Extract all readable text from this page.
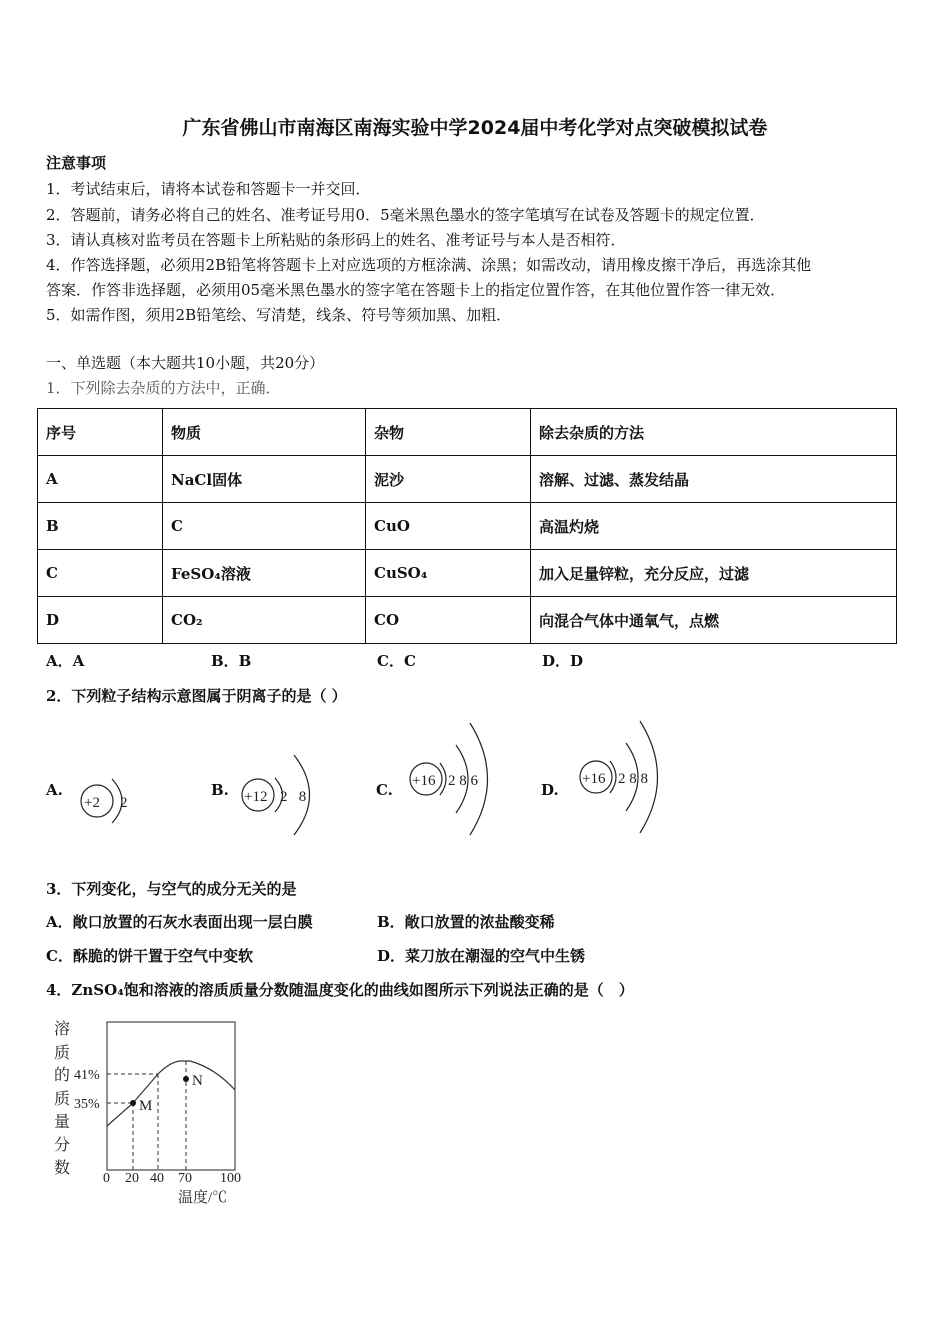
广东省佛山市南海区南海实验中学2024届中考化学对点突破模拟试卷
注意事项
1．考试结束后，请将本试卷和答题卡一并交回．
2．答题前，请务必将自己的姓名、准考证号用0．5毫米黑色墨水的签字笔填写在试卷及答题卡的规定位置．
3．请认真核对监考员在答题卡上所粘贴的条形码上的姓名、准考证号与本人是否相符．
4．作答选择题，必须用2B铅笔将答题卡上对应选项的方框涂满、涂黑；如需改动，请用橡皮擦干净后，再选涂其他
答案．作答非选择题，必须用05毫米黑色墨水的签字笔在答题卡上的指定位置作答，在其他位置作答一律无效．
5．如需作图，须用2B铅笔绘、写清楚，线条、符号等须加黑、加粗．
一、单选题（本大题共10小题，共20分）
1．下列除去杂质的方法中，正确．
序号	物质	杂物	除去杂质的方法
A	NaCl固体	泥沙	溶解、过滤、蒸发结晶
B	C	CuO	高温灼烧
C	FeSO₄溶液	CuSO₄	加入足量锌粒，充分反应，过滤
D	CO₂	CO	向混合气体中通氧气，点燃
A．A	B．B	C．C	D．D
2．下列粒子结构示意图属于阴离子的是（ ）
A.	B.	C.	D.
+2 2	+12 2   8
+16 2 8 6	+16 2 8 8
3．下列变化，与空气的成分无关的是
A．敞口放置的石灰水表面出现一层白膜	B．敞口放置的浓盐酸变稀
C．酥脆的饼干置于空气中变软	D．菜刀放在潮湿的空气中生锈
4．ZnSO₄饱和溶液的溶质质量分数随温度变化的曲线如图所示下列说法正确的是（　）
溶
质
的
质
量
分
数
M
N
41%
35%
0 20 40 70 100
温度/℃
